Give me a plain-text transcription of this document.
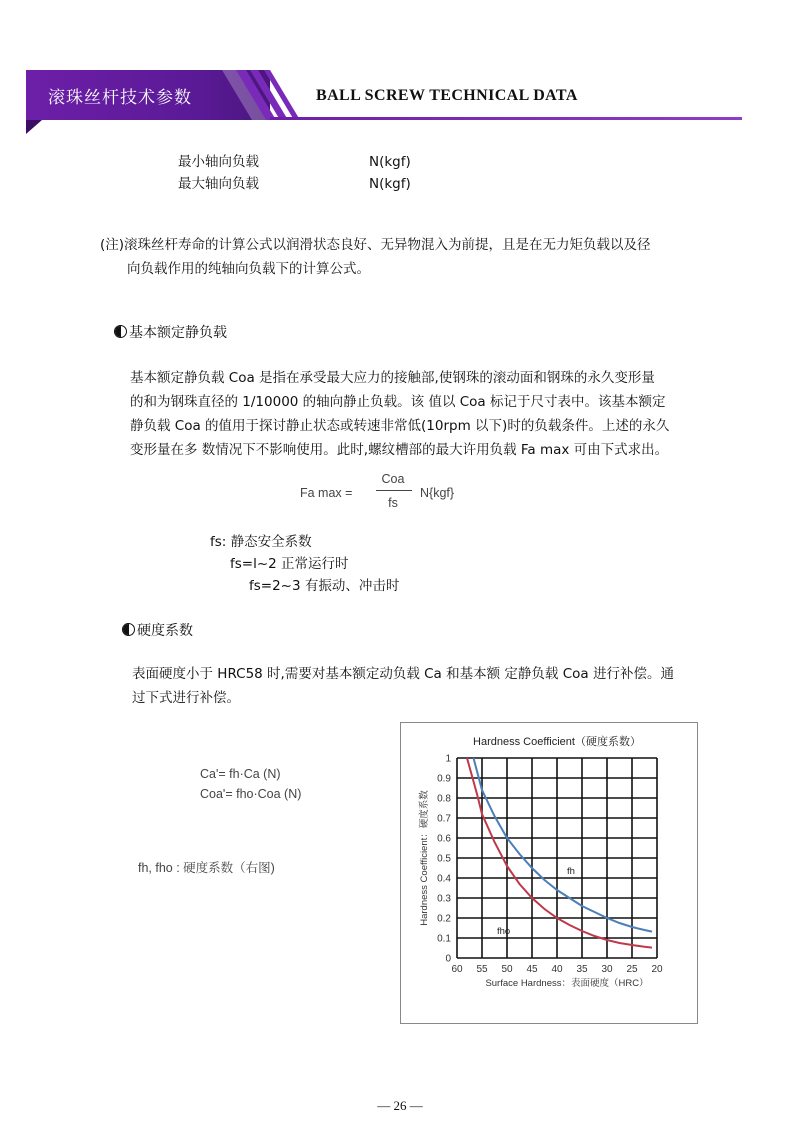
滚珠丝杆技术参数	BALL SCREW TECHNICAL DATA
最小轴向负载	N(kgf)
最大轴向负载	N(kgf)
(注)滚珠丝杆寿命的计算公式以润滑状态良好、无异物混入为前提，且是在无力矩负载以及径
向负载作用的纯轴向负载下的计算公式。
基本额定静负载
基本额定静负载 Coa 是指在承受最大应力的接触部,使钢珠的滚动面和钢珠的永久变形量
的和为钢珠直径的 1/10000 的轴向静止负载。该 值以 Coa 标记于尺寸表中。该基本额定
静负载 Coa 的值用于探讨静止状态或转速非常低(10rpm 以下)时的负载条件。上述的永久
变形量在多 数情况下不影响使用。此时,螺纹槽部的最大许用负载 Fa max 可由下式求出。
Fa max =
Coa
fs
N{kgf}
fs: 静态安全系数
fs=l~2 正常运行时
fs=2~3 有振动、冲击时
硬度系数
表面硬度小于 HRC58 时,需要对基本额定动负载 Ca 和基本额 定静负载 Coa 进行补偿。通
过下式进行补偿。
Ca'= fh·Ca (N)
Coa'= fho·Coa (N)
fh, fho : 硬度系数（右图)
Hardness Coefficient（硬度系数）
60 55 50 45 40 35 30 25 20
0
0.1
0.2
0.3
0.4
0.5
0.6
0.7
0.8
0.9
1
Surface Hardness：表面硬度（HRC）
Hardness Coefficient：硬度系数	fh
fho
— 26 —
